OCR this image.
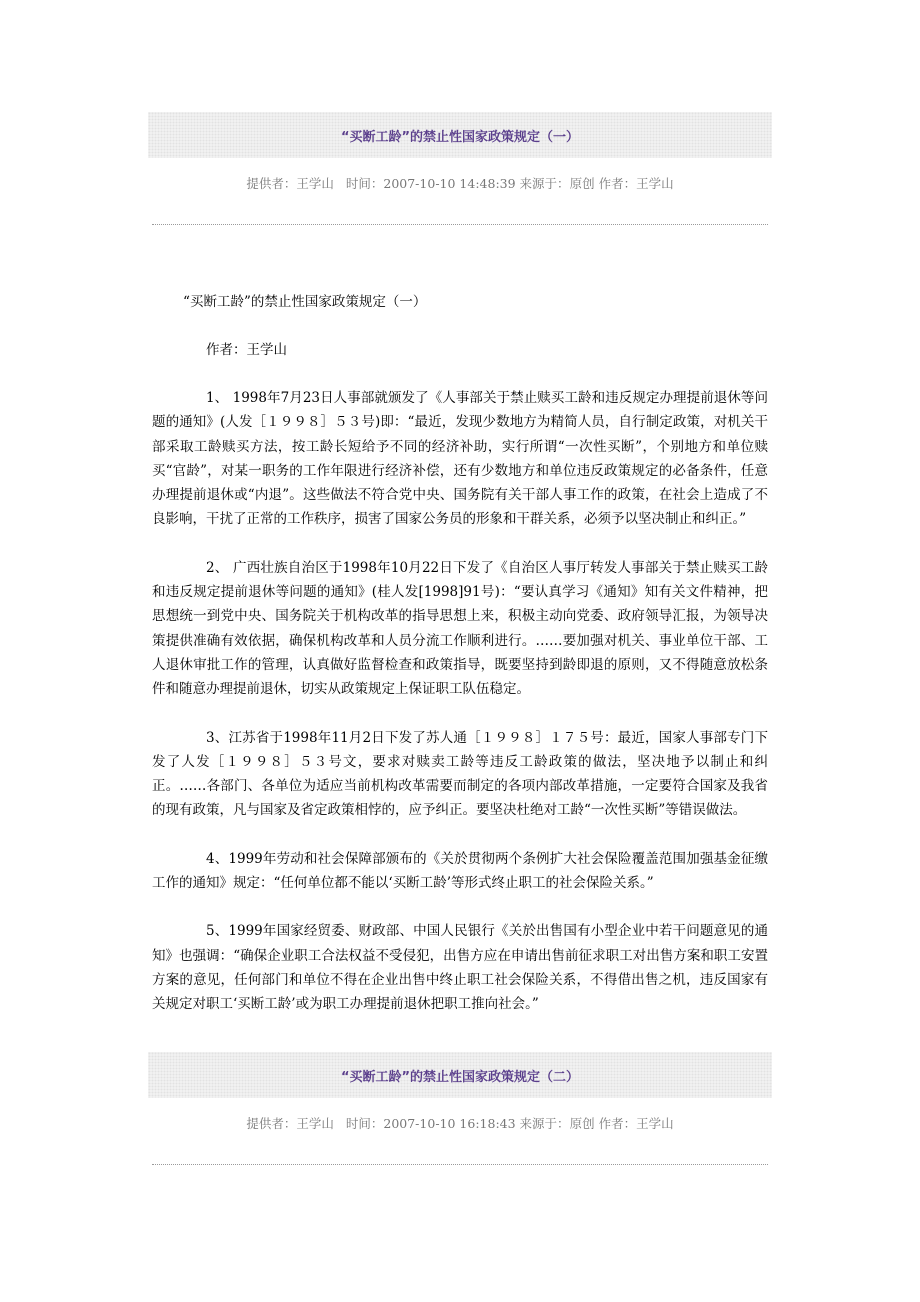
“买断工龄”的禁止性国家政策规定（一）
提供者：王学山 时间：2007-10-10 14:48:39 来源于：原创 作者：王学山

“买断工龄”的禁止性国家政策规定（一）

作者：王学山

1、 1998年7月23日人事部就颁发了《人事部关于禁止赎买工龄和违反规定办理提前退休等问题的通知》(人发［１９９８］５３号)即：“最近，发现少数地方为精简人员，自行制定政策，对机关干部采取工龄赎买方法，按工龄长短给予不同的经济补助，实行所谓“一次性买断”，个别地方和单位赎买“官龄”，对某一职务的工作年限进行经济补偿，还有少数地方和单位违反政策规定的必备条件，任意办理提前退休或“内退”。这些做法不符合党中央、国务院有关干部人事工作的政策，在社会上造成了不良影响，干扰了正常的工作秩序，损害了国家公务员的形象和干群关系，必须予以坚决制止和纠正。”

2、 广西壮族自治区于1998年10月22日下发了《自治区人事厅转发人事部关于禁止赎买工龄和违反规定提前退休等问题的通知》(桂人发[1998]91号)：“要认真学习《通知》知有关文件精神，把思想统一到党中央、国务院关于机构改革的指导思想上来，积极主动向党委、政府领导汇报，为领导决策提供准确有效依据，确保机构改革和人员分流工作顺利进行。……要加强对机关、事业单位干部、工人退休审批工作的管理，认真做好监督检查和政策指导，既要坚持到龄即退的原则，又不得随意放松条件和随意办理提前退休，切实从政策规定上保证职工队伍稳定。

3、江苏省于1998年11月2日下发了苏人通［１９９８］１７５号：最近，国家人事部专门下发了人发［１９９８］５３号文，要求对赎卖工龄等违反工龄政策的做法，坚决地予以制止和纠正。……各部门、各单位为适应当前机构改革需要而制定的各项内部改革措施，一定要符合国家及我省的现有政策，凡与国家及省定政策相悖的，应予纠正。要坚决杜绝对工龄“一次性买断”等错误做法。

4、1999年劳动和社会保障部颁布的《关於贯彻两个条例扩大社会保险覆盖范围加强基金征缴工作的通知》规定：“任何单位都不能以‘买断工龄’等形式终止职工的社会保险关系。”

5、1999年国家经贸委、财政部、中国人民银行《关於出售国有小型企业中若干问题意见的通知》也强调：“确保企业职工合法权益不受侵犯，出售方应在申请出售前征求职工对出售方案和职工安置方案的意见，任何部门和单位不得在企业出售中终止职工社会保险关系，不得借出售之机，违反国家有关规定对职工‘买断工龄’或为职工办理提前退休把职工推向社会。”

“买断工龄”的禁止性国家政策规定（二）
提供者：王学山 时间：2007-10-10 16:18:43 来源于：原创 作者：王学山
